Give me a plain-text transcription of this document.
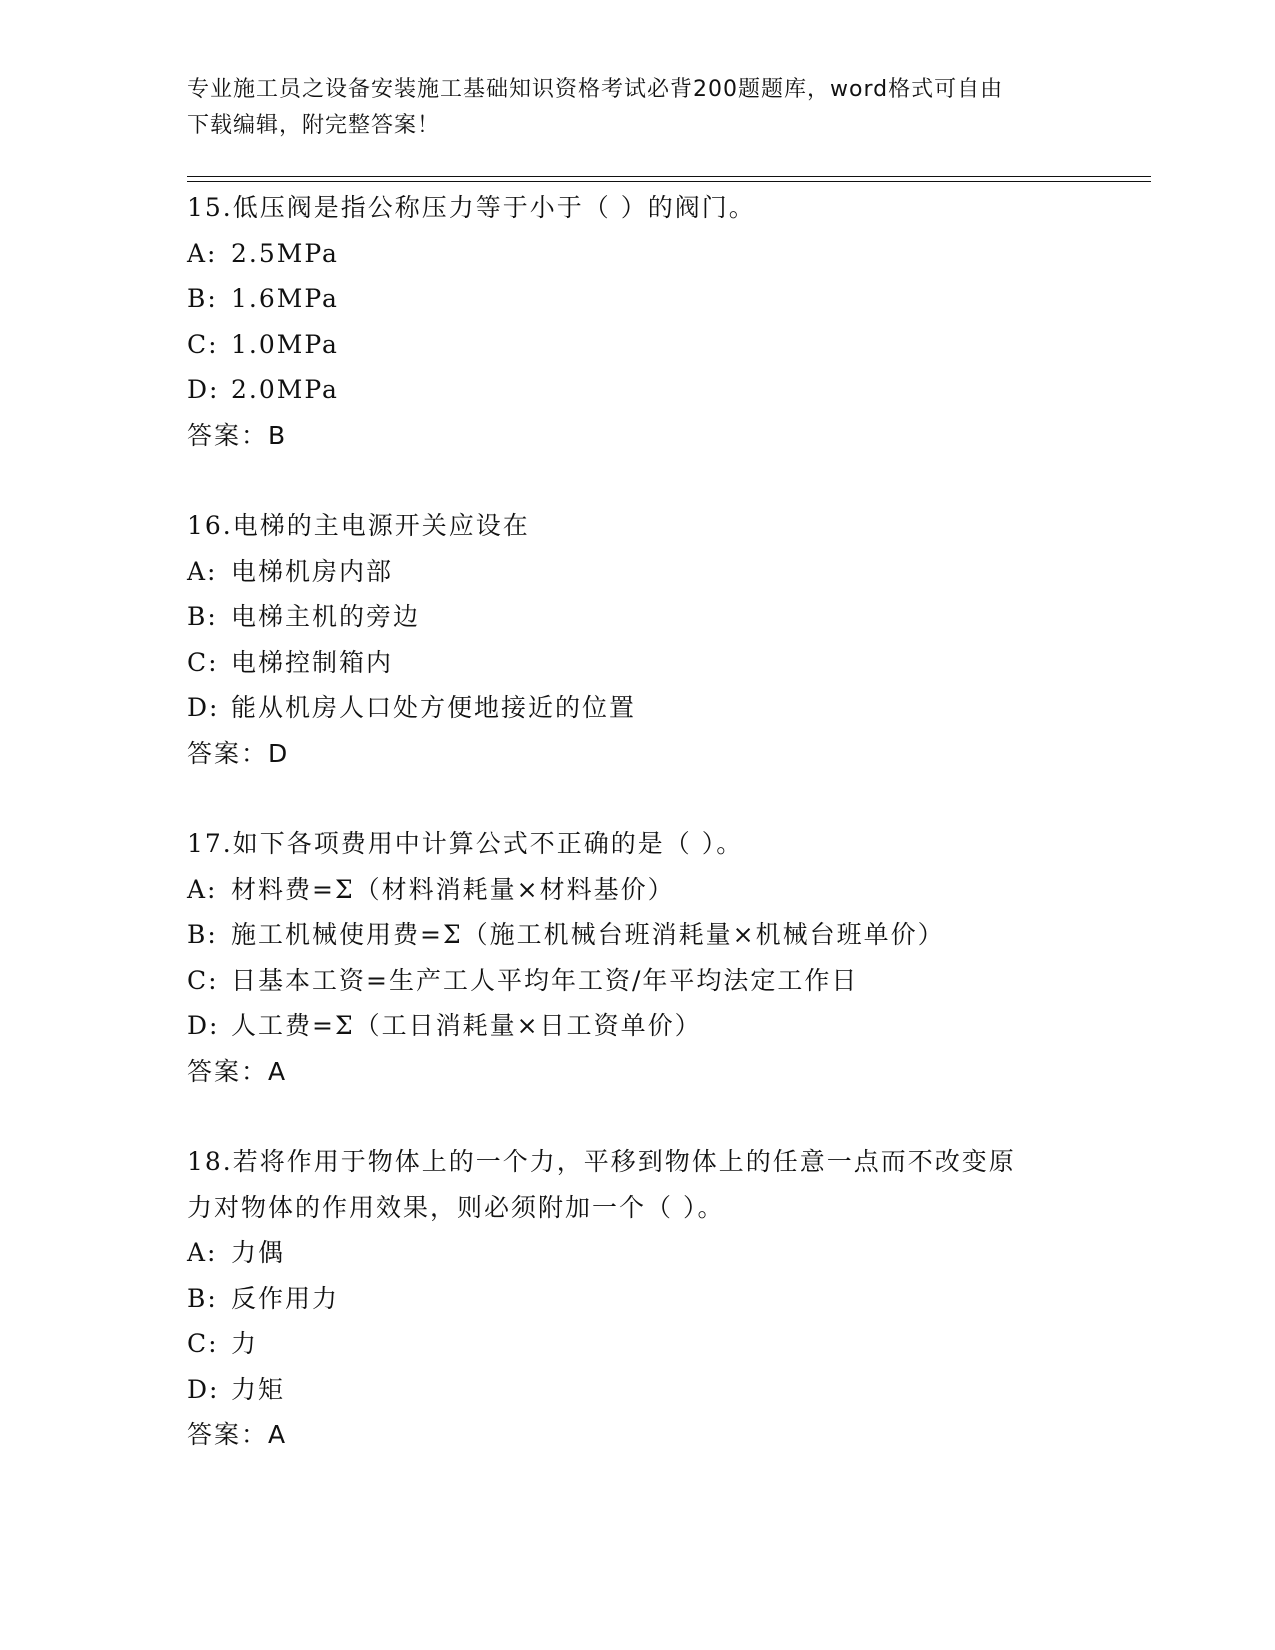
专业施工员之设备安装施工基础知识资格考试必背200题题库，word格式可自由
下载编辑，附完整答案！
15.低压阀是指公称压力等于小于（ ）的阀门。
A: 2.5MPa
B: 1.6MPa
C: 1.0MPa
D: 2.0MPa
答案：B
16.电梯的主电源开关应设在
A: 电梯机房内部
B: 电梯主机的旁边
C: 电梯控制箱内
D: 能从机房人口处方便地接近的位置
答案：D
17.如下各项费用中计算公式不正确的是（ ）。
A: 材料费=Σ（材料消耗量×材料基价）
B: 施工机械使用费=Σ（施工机械台班消耗量×机械台班单价）
C: 日基本工资=生产工人平均年工资/年平均法定工作日
D: 人工费=Σ（工日消耗量×日工资单价）
答案：A
18.若将作用于物体上的一个力，平移到物体上的任意一点而不改变原
力对物体的作用效果，则必须附加一个（ ）。
A: 力偶
B: 反作用力
C: 力
D: 力矩
答案：A
